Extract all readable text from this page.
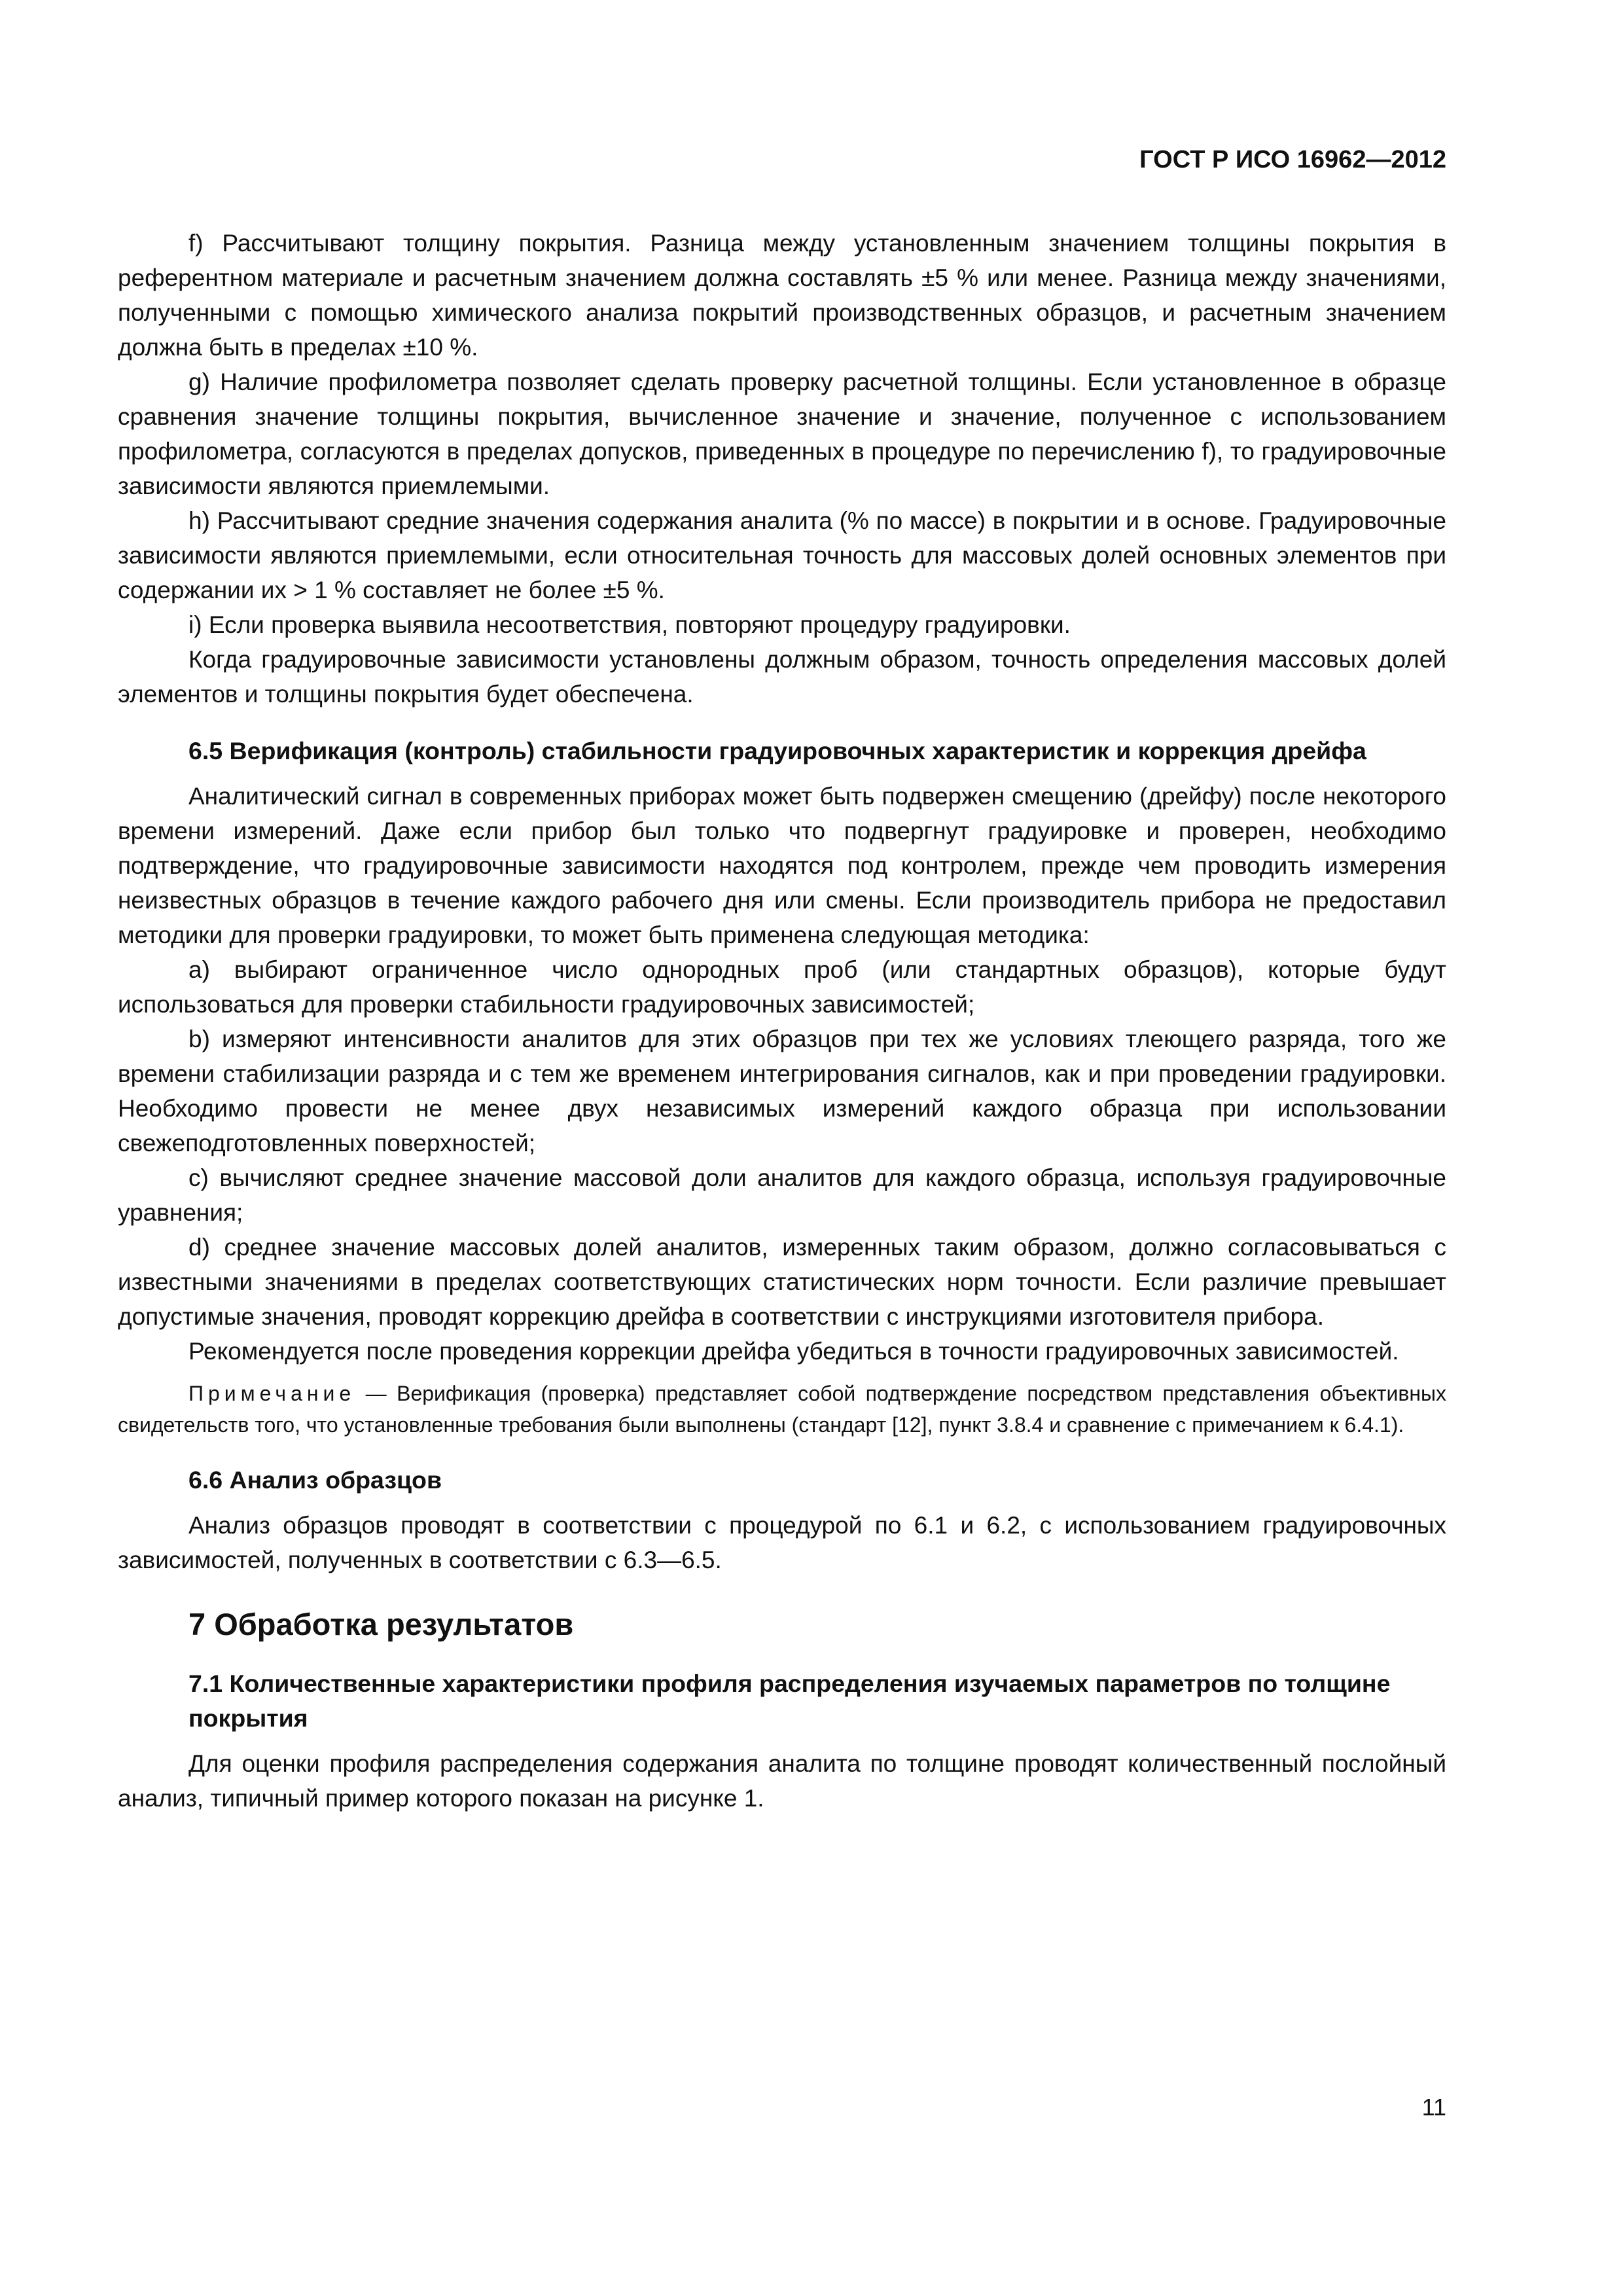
ГОСТ Р ИСО 16962—2012

f) Рассчитывают толщину покрытия. Разница между установленным значением толщины покрытия в референтном материале и расчетным значением должна составлять ±5 % или менее. Разница между значениями, полученными с помощью химического анализа покрытий производственных образцов, и расчетным значением должна быть в пределах ±10 %.

g) Наличие профилометра позволяет сделать проверку расчетной толщины. Если установленное в образце сравнения значение толщины покрытия, вычисленное значение и значение, полученное с использованием профилометра, согласуются в пределах допусков, приведенных в процедуре по перечислению f), то градуировочные зависимости являются приемлемыми.

h) Рассчитывают средние значения содержания аналита (% по массе) в покрытии и в основе. Градуировочные зависимости являются приемлемыми, если относительная точность для массовых долей основных элементов при содержании их > 1 % составляет не более ±5 %.

i) Если проверка выявила несоответствия, повторяют процедуру градуировки.

Когда градуировочные зависимости установлены должным образом, точность определения массовых долей элементов и толщины покрытия будет обеспечена.

6.5 Верификация (контроль) стабильности градуировочных характеристик и коррекция дрейфа

Аналитический сигнал в современных приборах может быть подвержен смещению (дрейфу) после некоторого времени измерений. Даже если прибор был только что подвергнут градуировке и проверен, необходимо подтверждение, что градуировочные зависимости находятся под контролем, прежде чем проводить измерения неизвестных образцов в течение каждого рабочего дня или смены. Если производитель прибора не предоставил методики для проверки градуировки, то может быть применена следующая методика:

a) выбирают ограниченное число однородных проб (или стандартных образцов), которые будут использоваться для проверки стабильности градуировочных зависимостей;

b) измеряют интенсивности аналитов для этих образцов при тех же условиях тлеющего разряда, того же времени стабилизации разряда и с тем же временем интегрирования сигналов, как и при проведении градуировки. Необходимо провести не менее двух независимых измерений каждого образца при использовании свежеподготовленных поверхностей;

c) вычисляют среднее значение массовой доли аналитов для каждого образца, используя градуировочные уравнения;

d) среднее значение массовых долей аналитов, измеренных таким образом, должно согласовываться с известными значениями в пределах соответствующих статистических норм точности. Если различие превышает допустимые значения, проводят коррекцию дрейфа в соответствии с инструкциями изготовителя прибора.

Рекомендуется после проведения коррекции дрейфа убедиться в точности градуировочных зависимостей.

Примечание — Верификация (проверка) представляет собой подтверждение посредством представления объективных свидетельств того, что установленные требования были выполнены (стандарт [12], пункт 3.8.4 и сравнение с примечанием к 6.4.1).

6.6 Анализ образцов

Анализ образцов проводят в соответствии с процедурой по 6.1 и 6.2, с использованием градуировочных зависимостей, полученных в соответствии с 6.3—6.5.

7 Обработка результатов
7.1 Количественные характеристики профиля распределения изучаемых параметров по толщине покрытия

Для оценки профиля распределения содержания аналита по толщине проводят количественный послойный анализ, типичный пример которого показан на рисунке 1.

11
